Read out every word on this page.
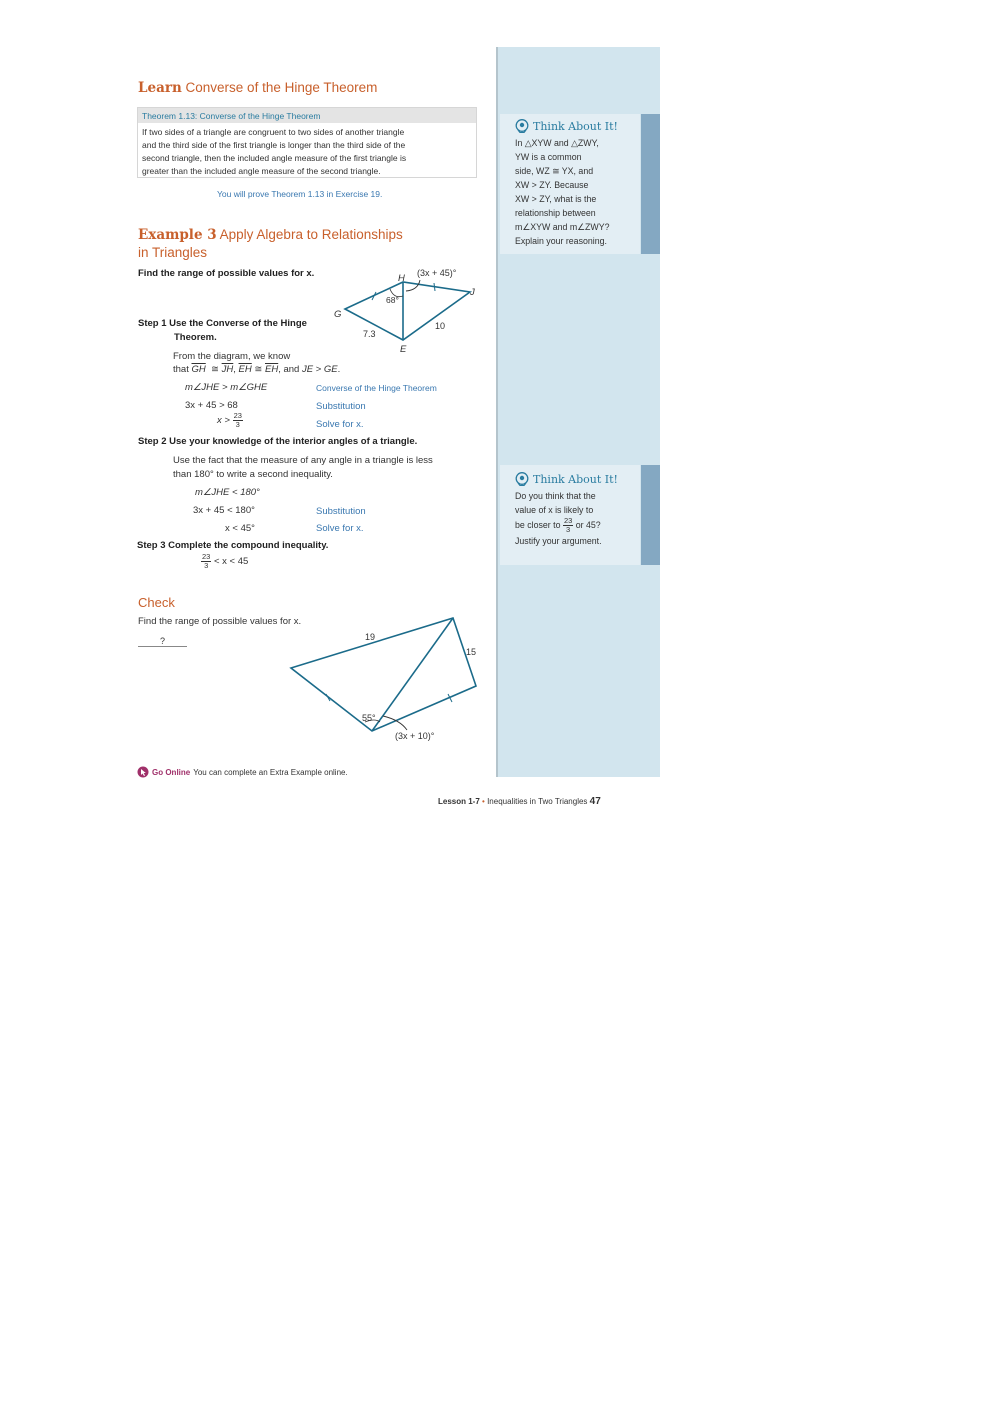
Think About It!
In △XYW and △ZWY,
YW is a common
side, WZ ≅ YX, and
XW > ZY. Because
XW > ZY, what is the
relationship between
m∠XYW and m∠ZWY?
Explain your reasoning.
Think About It!
Do you think that the
value of x is likely to
be closer to $\frac{23}{3}$ or 45?
Justify your argument.
Learn Converse of the Hinge Theorem
Theorem 1.13: Converse of the Hinge Theorem
If two sides of a triangle are congruent to two sides of another triangle
and the third side of the first triangle is longer than the third side of the
second triangle, then the included angle measure of the first triangle is
greater than the included angle measure of the second triangle.
You will prove Theorem 1.13 in Exercise 19.
Example 3 Apply Algebra to Relationships
in Triangles
Find the range of possible values for x.	H
J
G
E
(3x + 45)°
68°
7.3
10
Step 1 Use the Converse of the Hinge
Theorem.
From the diagram, we know
that $\overline{GH}$  ≅ $\overline{JH}$, $\overline{EH}$ ≅ $\overline{EH}$, and JE > GE.
m∠JHE > m∠GHE	Converse of the Hinge Theorem
3x + 45 > 68	Substitution
$x > \frac{23}{3}$	Solve for x.
Step 2 Use your knowledge of the interior angles of a triangle.
Use the fact that the measure of any angle in a triangle is less
than 180° to write a second inequality.
m∠JHE < 180°
3x + 45 < 180°	Substitution
x < 45°	Solve for x.
Step 3 Complete the compound inequality.
$\frac{23}{3} < x < 45$
Check
Find the range of possible values for x.
?	19
15
55°
(3x + 10)°
Go Online You can complete an Extra Example online.
Lesson 1-7 • Inequalities in Two Triangles 47
